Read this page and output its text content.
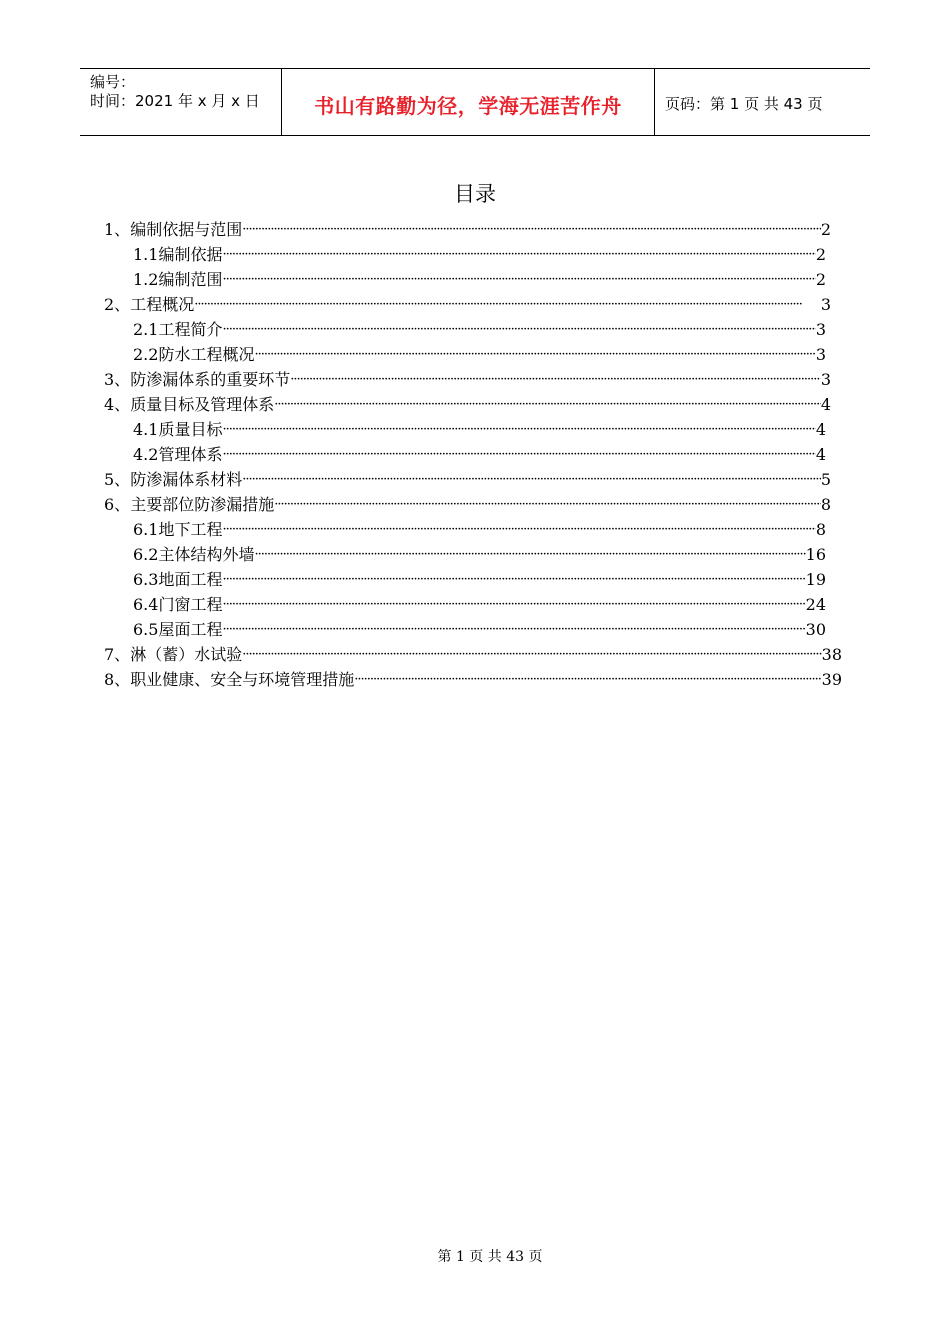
编号：
时间：2021 年 x 月 x 日	书山有路勤为径，学海无涯苦作舟	页码：第 1 页 共 43 页
目录
1、 编制依据与范围 ·····	2
1.1 编制依据 ·····	2
1.2 编制范围 ·····	2
2、 工程概况 ·····	3
2.1 工程简介 ·····	3
2.2 防水工程概况 ·····	3
3、 防渗漏体系的重要环节 ·····	3
4、 质量目标及管理体系 ·····	4
4.1 质量目标 ·····	4
4.2 管理体系 ·····	4
5、 防渗漏体系材料 ·····	5
6、 主要部位防渗漏措施 ·····	8
6.1 地下工程 ·····	8
6.2 主体结构外墙 ·····	16
6.3 地面工程 ·····	19
6.4 门窗工程 ·····	24
6.5 屋面工程 ·····	30
7、 淋（蓄）水试验 ·····	38
8、 职业健康、安全与环境管理措施 ·····	39
第 1 页 共 43 页
